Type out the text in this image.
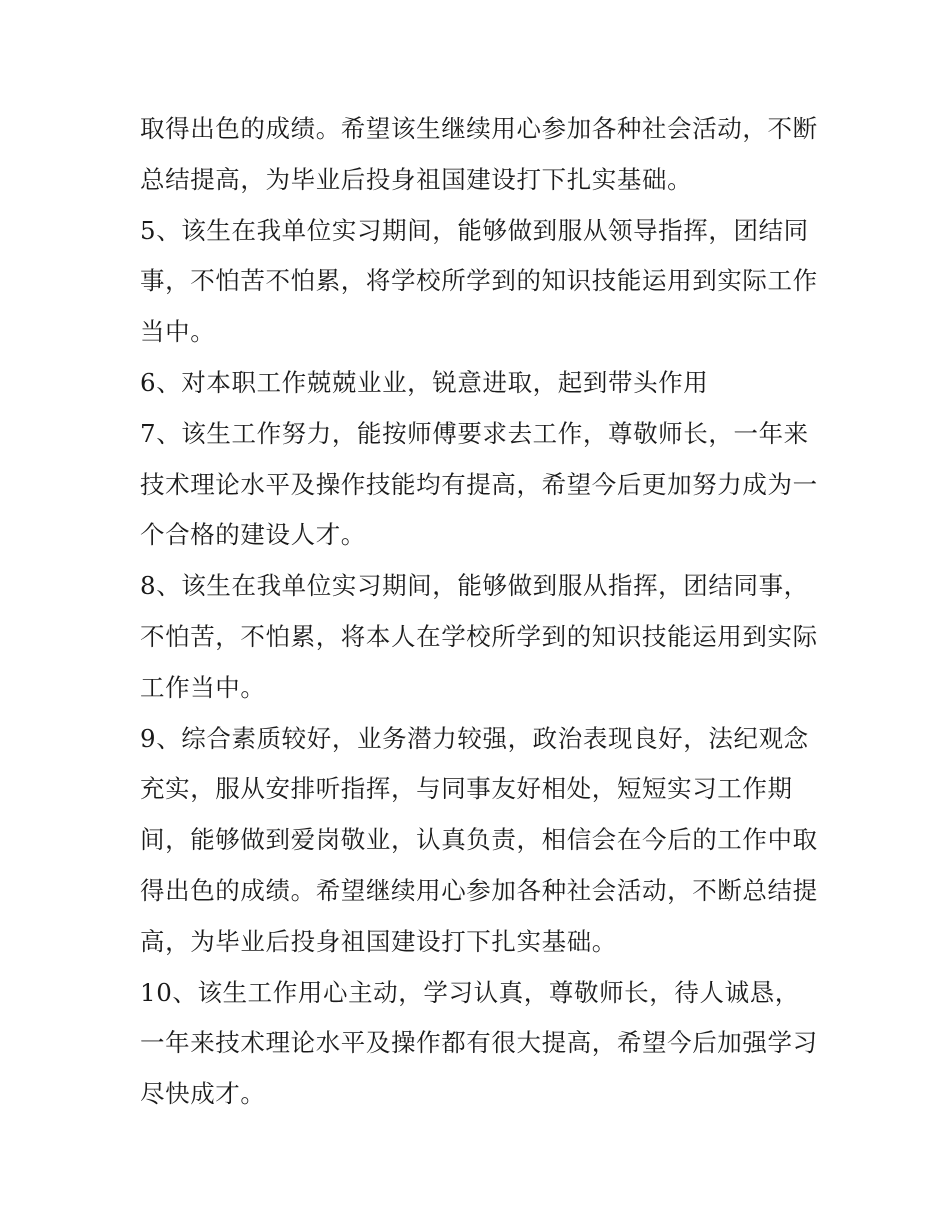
取得出色的成绩。希望该生继续用心参加各种社会活动，不断总结提高，为毕业后投身祖国建设打下扎实基础。

5、该生在我单位实习期间，能够做到服从领导指挥，团结同事，不怕苦不怕累，将学校所学到的知识技能运用到实际工作当中。

6、对本职工作兢兢业业，锐意进取，起到带头作用

7、该生工作努力，能按师傅要求去工作，尊敬师长，一年来技术理论水平及操作技能均有提高，希望今后更加努力成为一个合格的建设人才。

8、该生在我单位实习期间，能够做到服从指挥，团结同事，不怕苦，不怕累，将本人在学校所学到的知识技能运用到实际工作当中。

9、综合素质较好，业务潜力较强，政治表现良好，法纪观念充实，服从安排听指挥，与同事友好相处，短短实习工作期间，能够做到爱岗敬业，认真负责，相信会在今后的工作中取得出色的成绩。希望继续用心参加各种社会活动，不断总结提高，为毕业后投身祖国建设打下扎实基础。

10、该生工作用心主动，学习认真，尊敬师长，待人诚恳，一年来技术理论水平及操作都有很大提高，希望今后加强学习尽快成才。
